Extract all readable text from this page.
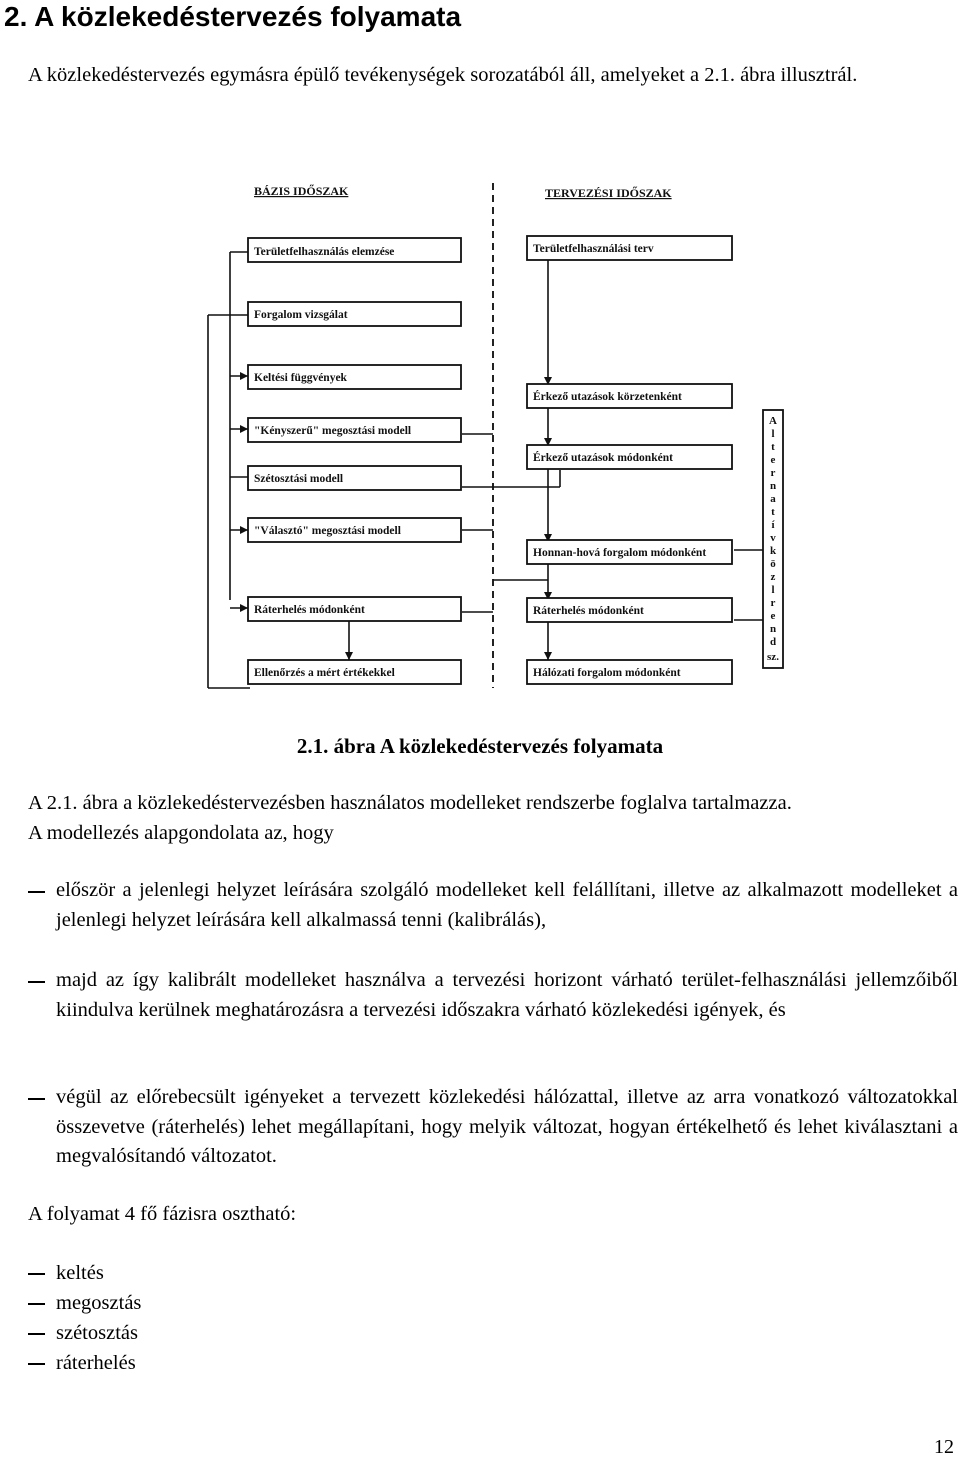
2. A közlekedéstervezés folyamata

A közlekedéstervezés egymásra épülő tevékenységek sorozatából áll, amelyeket a 2.1. ábra illusztrál.

BÁZIS IDŐSZAK	TERVEZÉSI IDŐSZAK
Területfelhasználás elemzése
Forgalom vizsgálat
Keltési függvények
"Kényszerű" megosztási modell
Szétosztási modell
"Választó" megosztási modell
Ráterhelés módonként
Ellenőrzés a mért értékekkel
Területfelhasználási terv
Érkező utazások körzetenként
Érkező utazások módonként
Honnan-hová forgalom módonként
Ráterhelés módonként
Hálózati forgalom módonként
A
l
t
e
r
n
a
t
í
v
k
ö
z
l
r
e
n
d
sz.
2.1. ábra A közlekedéstervezés folyamata
A 2.1. ábra a közlekedéstervezésben használatos modelleket rendszerbe foglalva tartalmazza.
A modellezés alapgondolata az, hogy
először a jelenlegi helyzet leírására szolgáló modelleket kell felállítani, illetve az alkalmazott modelleket a jelenlegi helyzet leírására kell alkalmassá tenni (kalibrálás),
majd az így kalibrált modelleket használva a tervezési horizont várható terület-felhasználási jellemzőiből kiindulva kerülnek meghatározásra a tervezési időszakra várható közlekedési igények, és
végül az előrebecsült igényeket a tervezett közlekedési hálózattal, illetve az arra vonatkozó változatokkal összevetve (ráterhelés) lehet megállapítani, hogy melyik változat, hogyan értékelhető és lehet kiválasztani a megvalósítandó változatot.

A folyamat 4 fő fázisra osztható:

keltés
megosztás
szétosztás
ráterhelés
12
